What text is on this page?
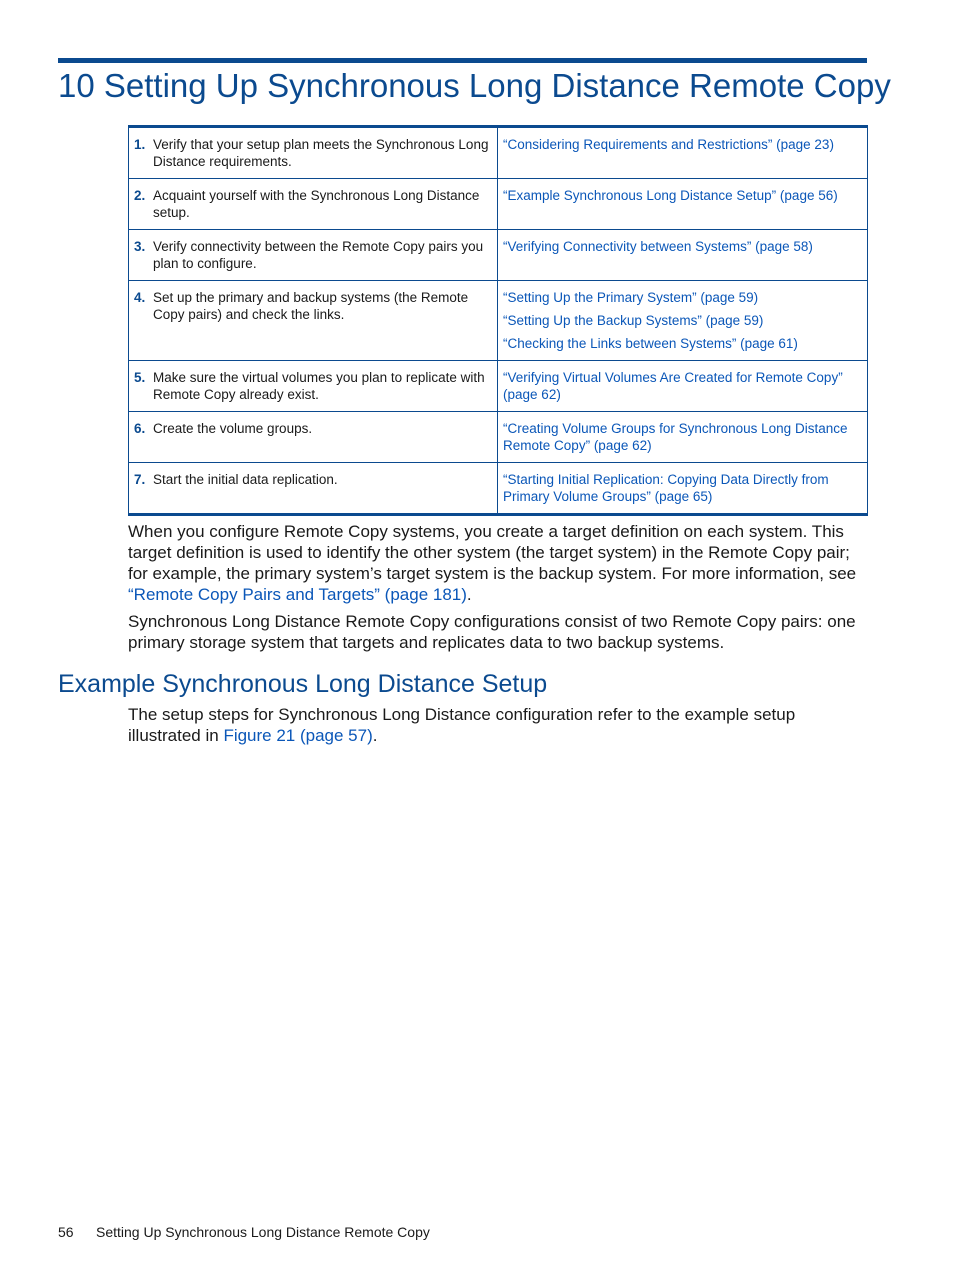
10 Setting Up Synchronous Long Distance Remote Copy
1. Verify that your setup plan meets the Synchronous Long Distance requirements.	“Considering Requirements and Restrictions” (page 23)

2. Acquaint yourself with the Synchronous Long Distance setup.	“Example Synchronous Long Distance Setup” (page 56)

3. Verify connectivity between the Remote Copy pairs you plan to configure.	“Verifying Connectivity between Systems” (page 58)

4. Set up the primary and backup systems (the Remote Copy pairs) and check the links.	“Setting Up the Primary System” (page 59)
“Setting Up the Backup Systems” (page 59)
“Checking the Links between Systems” (page 61)

5. Make sure the virtual volumes you plan to replicate with Remote Copy already exist.	“Verifying Virtual Volumes Are Created for Remote Copy” (page 62)

6. Create the volume groups.	“Creating Volume Groups for Synchronous Long Distance Remote Copy” (page 62)

7. Start the initial data replication.	“Starting Initial Replication: Copying Data Directly from Primary Volume Groups” (page 65)

When you configure Remote Copy systems, you create a target definition on each system. This target definition is used to identify the other system (the target system) in the Remote Copy pair; for example, the primary system’s target system is the backup system. For more information, see “Remote Copy Pairs and Targets” (page 181).

Synchronous Long Distance Remote Copy configurations consist of two Remote Copy pairs: one primary storage system that targets and replicates data to two backup systems.

Example Synchronous Long Distance Setup

The setup steps for Synchronous Long Distance configuration refer to the example setup illustrated in Figure 21 (page 57).

56 Setting Up Synchronous Long Distance Remote Copy
